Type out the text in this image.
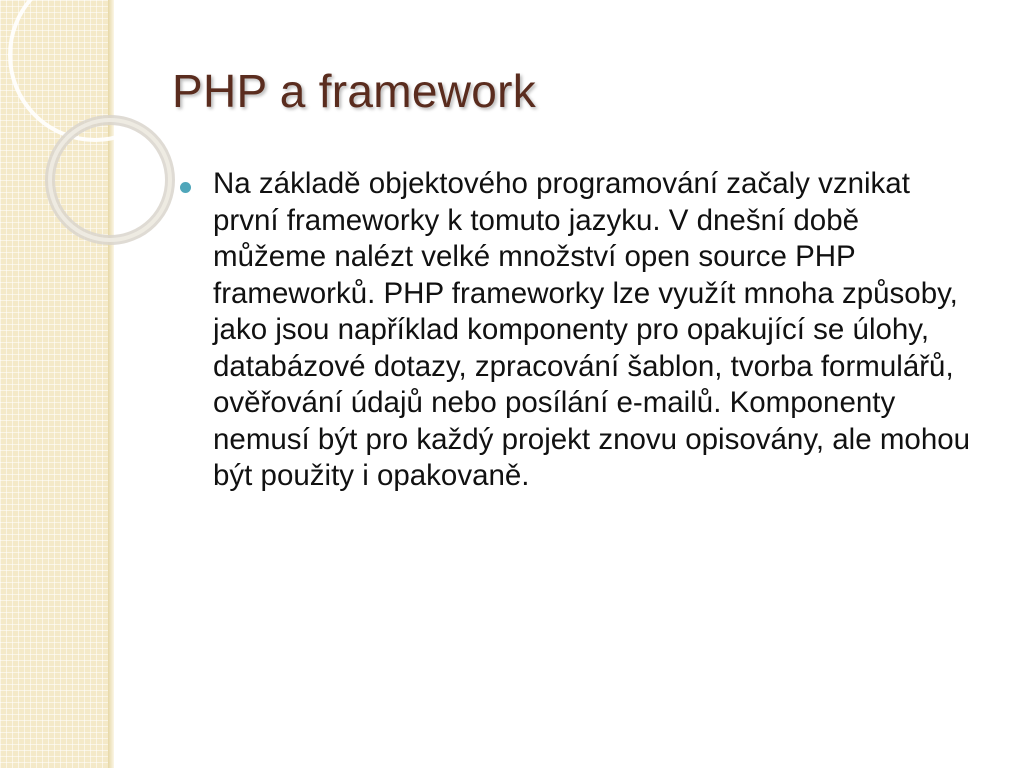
PHP a framework

Na základě objektového programování začaly vznikat první frameworky k tomuto jazyku. V dnešní době můžeme nalézt velké množství open source PHP frameworků. PHP frameworky lze využít mnoha způsoby, jako jsou například komponenty pro opakující se úlohy, databázové dotazy, zpracování šablon, tvorba formulářů, ověřování údajů nebo posílání e-mailů. Komponenty nemusí být pro každý projekt znovu opisovány, ale mohou být použity i opakovaně.
